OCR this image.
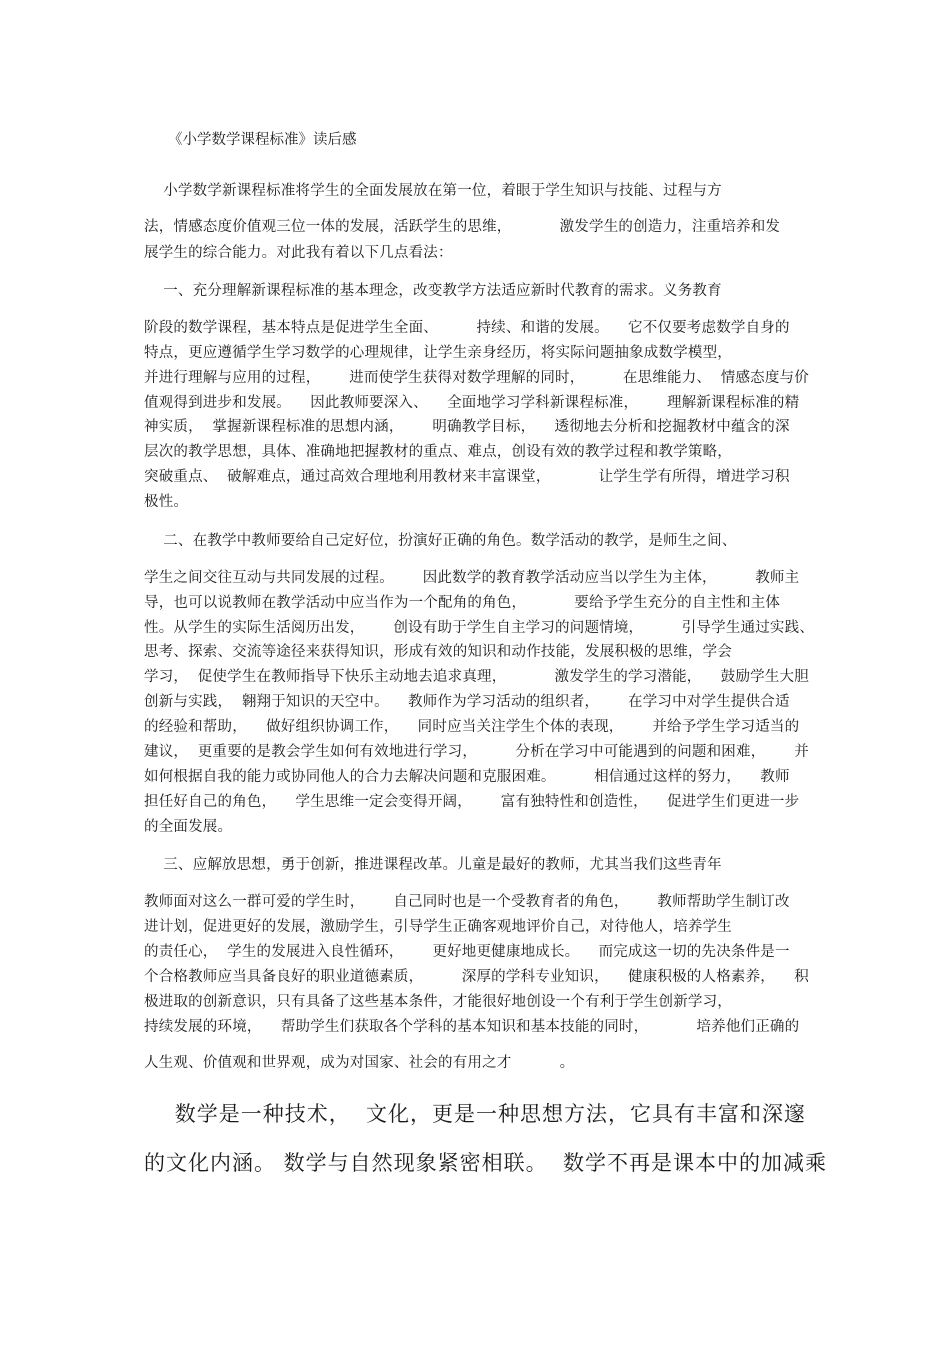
《小学数学课程标准》读后感
小学数学新课程标准将学生的全面发展放在第一位，着眼于学生知识与技能、过程与方
法，情感态度价值观三位一体的发展，活跃学生的思维，          激发学生的创造力，注重培养和发
展学生的综合能力。对此我有着以下几点看法：
一、充分理解新课程标准的基本理念，改变教学方法适应新时代教育的需求。义务教育
阶段的数学课程，基本特点是促进学生全面、        持续、和谐的发展。    它不仅要考虑数学自身的
特点，更应遵循学生学习数学的心理规律，让学生亲身经历，将实际问题抽象成数学模型，
并进行理解与应用的过程，      进而使学生获得对数学理解的同时，        在思维能力、  情感态度与价
值观得到进步和发展。    因此教师要深入、    全面地学习学科新课程标准，      理解新课程标准的精
神实质，  掌握新课程标准的思想内涵，      明确教学目标，    透彻地去分析和挖掘教材中蕴含的深
层次的教学思想，具体、准确地把握教材的重点、难点，创设有效的教学过程和教学策略，
突破重点、  破解难点，通过高效合理地利用教材来丰富课堂，          让学生学有所得，增进学习积
极性。
二、在教学中教师要给自己定好位，扮演好正确的角色。数学活动的教学，是师生之间、
学生之间交往互动与共同发展的过程。      因此数学的教育教学活动应当以学生为主体，        教师主
导，也可以说教师在教学活动中应当作为一个配角的角色，          要给予学生充分的自主性和主体
性。从学生的实际生活阅历出发，      创设有助于学生自主学习的问题情境，        引导学生通过实践、
思考、探索、交流等途径来获得知识，形成有效的知识和动作技能，发展积极的思维，学会
学习，  促使学生在教师指导下快乐主动地去追求真理，          激发学生的学习潜能，    鼓励学生大胆
创新与实践，  翱翔于知识的天空中。    教师作为学习活动的组织者，      在学习中对学生提供合适
的经验和帮助，    做好组织协调工作，    同时应当关注学生个体的表现，      并给予学生学习适当的
建议，  更重要的是教会学生如何有效地进行学习，        分析在学习中可能遇到的问题和困难，      并
如何根据自我的能力或协同他人的合力去解决问题和克服困难。        相信通过这样的努力，    教师
担任好自己的角色，    学生思维一定会变得开阔，      富有独特性和创造性，    促进学生们更进一步
的全面发展。
三、应解放思想，勇于创新，推进课程改革。儿童是最好的教师，尤其当我们这些青年
教师面对这么一群可爱的学生时，      自己同时也是一个受教育者的角色，      教师帮助学生制订改
进计划，促进更好的发展，激励学生，引导学生正确客观地评价自己，对待他人，培养学生
的责任心，  学生的发展进入良性循环，      更好地更健康地成长。    而完成这一切的先决条件是一
个合格教师应当具备良好的职业道德素质，        深厚的学科专业知识，    健康积极的人格素养，    积
极进取的创新意识，只有具备了这些基本条件，才能很好地创设一个有利于学生创新学习，
持续发展的环境，    帮助学生们获取各个学科的基本知识和基本技能的同时，          培养他们正确的
人生观、价值观和世界观，成为对国家、社会的有用之才          。
数学是一种技术，  文化，更是一种思想方法，它具有丰富和深邃
的文化内涵。 数学与自然现象紧密相联。  数学不再是课本中的加减乘
